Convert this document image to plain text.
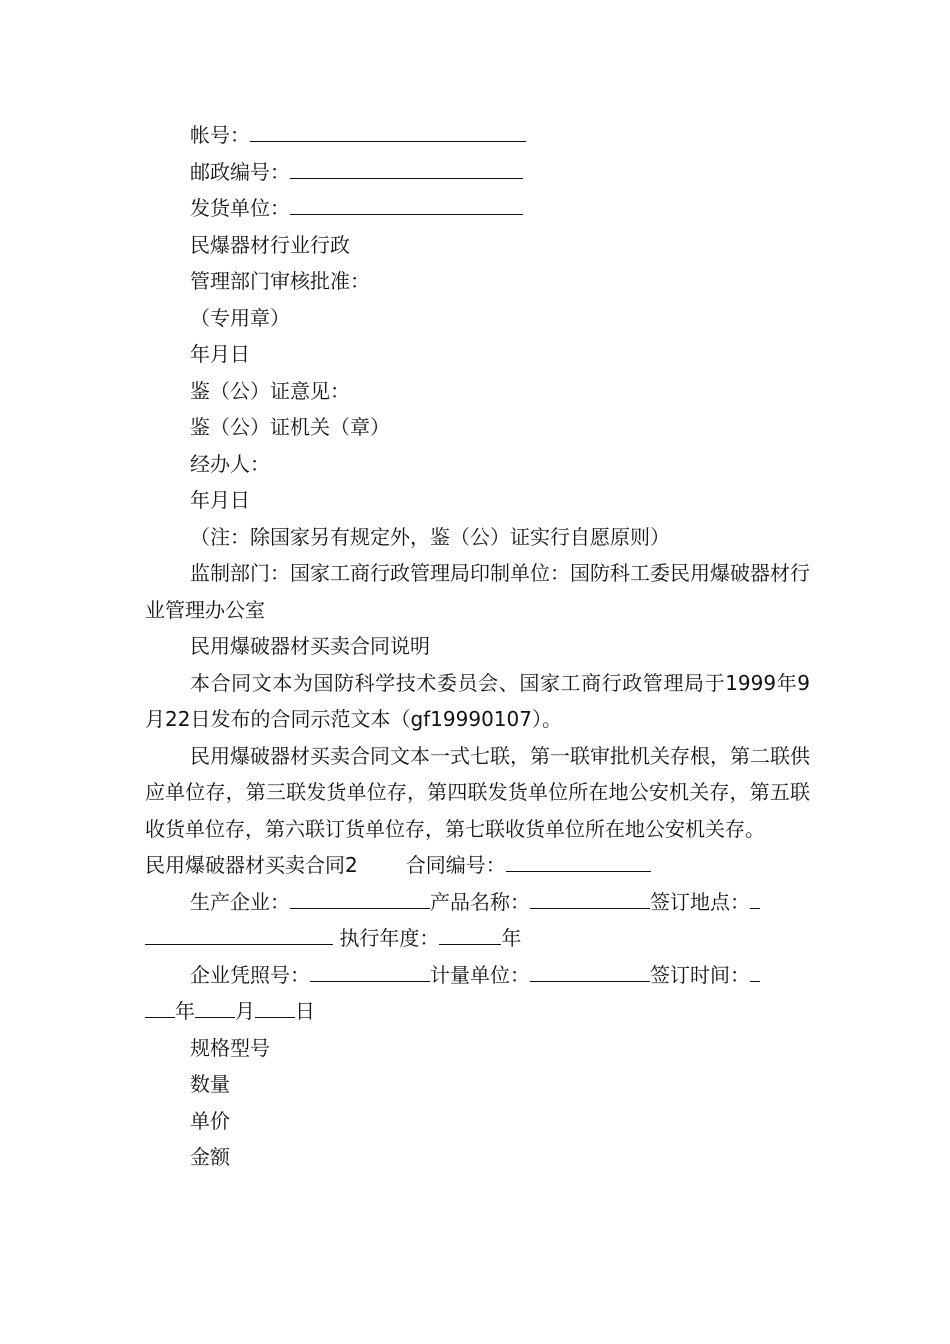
帐号：
邮政编号：
发货单位：
民爆器材行业行政
管理部门审核批准：
（专用章）
年月日
鉴（公）证意见：
鉴（公）证机关（章）
经办人：
年月日
（注：除国家另有规定外，鉴（公）证实行自愿原则）
监制部门：国家工商行政管理局印制单位：国防科工委民用爆破器材行业管理办公室
民用爆破器材买卖合同说明
本合同文本为国防科学技术委员会、国家工商行政管理局于1999年9月22日发布的合同示范文本（gf19990107）。
民用爆破器材买卖合同文本一式七联，第一联审批机关存根，第二联供应单位存，第三联发货单位存，第四联发货单位所在地公安机关存，第五联收货单位存，第六联订货单位存，第七联收货单位所在地公安机关存。
民用爆破器材买卖合同2 合同编号：
生产企业：	产品名称：	签订地点：
执行年度：	年
企业凭照号：	计量单位：	签订时间：
年 月 日
规格型号
数量
单价
金额
